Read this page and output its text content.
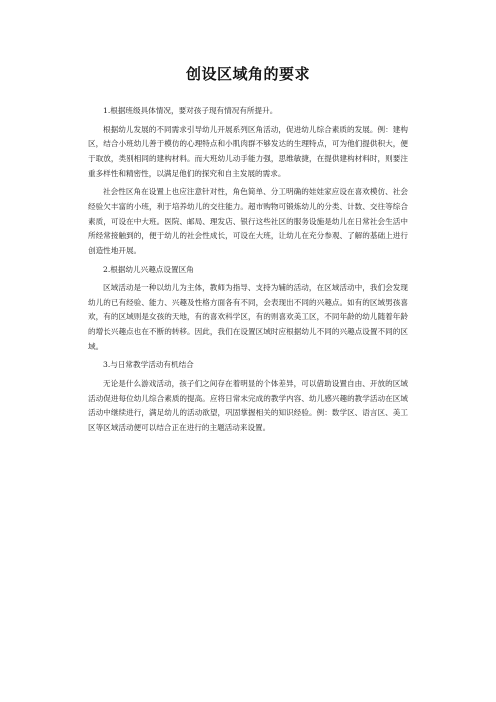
创设区域角的要求

1.根据班级具体情况，要对孩子现有情况有所提升。

根据幼儿发展的不同需求引导幼儿开展系列区角活动，促进幼儿综合素质的发展。例：建构区，结合小班幼儿善于模仿的心理特点和小肌肉群不够发达的生理特点，可为他们提供积大，便于取放，类别相同的建构材料。而大班幼儿动手能力强，思维敏捷，在提供建构材料时，则要注重多样性和精密性，以满足他们的探究和自主发展的需求。

社会性区角在设置上也应注意针对性，角色简单、分工明确的娃娃家应设在喜欢模仿、社会经验欠丰富的小班，利于培养幼儿的交往能力。超市购物可锻炼幼儿的分类、计数、交往等综合素质，可设在中大班。医院、邮局、理发店、银行这些社区的服务设施是幼儿在日常社会生活中所经常接触到的，便于幼儿的社会性成长，可设在大班，让幼儿在充分参观、了解的基础上进行创造性地开展。

2.根据幼儿兴趣点设置区角

区域活动是一种以幼儿为主体，教师为指导、支持为辅的活动，在区域活动中，我们会发现幼儿的已有经验、能力、兴趣及性格方面各有不同，会表现出不同的兴趣点。如有的区域男孩喜欢，有的区域则是女孩的天地，有的喜欢科学区，有的则喜欢美工区，不同年龄的幼儿随着年龄的增长兴趣点也在不断的转移。因此，我们在设置区域时应根据幼儿不同的兴趣点设置不同的区域。

3.与日常教学活动有机结合

无论是什么游戏活动，孩子们之间存在着明显的个体差异，可以借助设置自由、开放的区域活动促进每位幼儿综合素质的提高。应将日常未完成的教学内容、幼儿感兴趣的教学活动在区域活动中继续进行，满足幼儿的活动欲望，巩固掌握相关的知识经验。例：数学区、语言区、美工区等区域活动便可以结合正在进行的主题活动来设置。
